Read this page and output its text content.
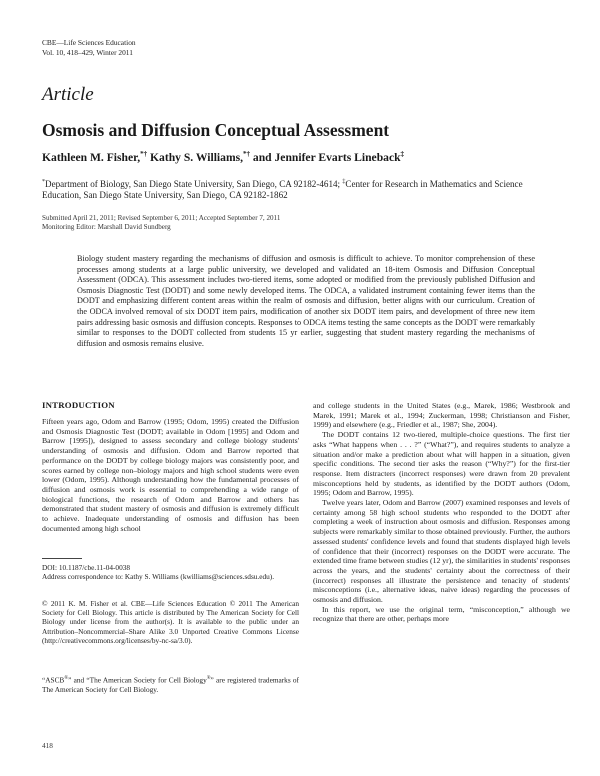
CBE—Life Sciences Education
Vol. 10, 418–429, Winter 2011
Article
Osmosis and Diffusion Conceptual Assessment
Kathleen M. Fisher,*† Kathy S. Williams,*† and Jennifer Evarts Lineback‡
*Department of Biology, San Diego State University, San Diego, CA 92182-4614; ‡Center for Research in Mathematics and Science Education, San Diego State University, San Diego, CA 92182-1862
Submitted April 21, 2011; Revised September 6, 2011; Accepted September 7, 2011
Monitoring Editor: Marshall David Sundberg
Biology student mastery regarding the mechanisms of diffusion and osmosis is difficult to achieve. To monitor comprehension of these processes among students at a large public university, we developed and validated an 18-item Osmosis and Diffusion Conceptual Assessment (ODCA). This assessment includes two-tiered items, some adopted or modified from the previously published Diffusion and Osmosis Diagnostic Test (DODT) and some newly developed items. The ODCA, a validated instrument containing fewer items than the DODT and emphasizing different content areas within the realm of osmosis and diffusion, better aligns with our curriculum. Creation of the ODCA involved removal of six DODT item pairs, modification of another six DODT item pairs, and development of three new item pairs addressing basic osmosis and diffusion concepts. Responses to ODCA items testing the same concepts as the DODT were remarkably similar to responses to the DODT collected from students 15 yr earlier, suggesting that student mastery regarding the mechanisms of diffusion and osmosis remains elusive.
INTRODUCTION

Fifteen years ago, Odom and Barrow (1995; Odom, 1995) created the Diffusion and Osmosis Diagnostic Test (DODT; available in Odom [1995] and Odom and Barrow [1995]), designed to assess secondary and college biology students' understanding of osmosis and diffusion. Odom and Barrow reported that performance on the DODT by college biology majors was consistently poor, and scores earned by college non–biology majors and high school students were even lower (Odom, 1995). Although understanding how the fundamental processes of diffusion and osmosis work is essential to comprehending a wide range of biological functions, the research of Odom and Barrow and others has demonstrated that student mastery of osmosis and diffusion is extremely difficult to achieve. Inadequate understanding of osmosis and diffusion has been documented among high school

and college students in the United States (e.g., Marek, 1986; Westbrook and Marek, 1991; Marek et al., 1994; Zuckerman, 1998; Christianson and Fisher, 1999) and elsewhere (e.g., Friedler et al., 1987; She, 2004).

The DODT contains 12 two-tiered, multiple-choice questions. The first tier asks “What happens when . . . ?” (“What?”), and requires students to analyze a situation and/or make a prediction about what will happen in a situation, given specific conditions. The second tier asks the reason (“Why?”) for the first-tier response. Item distracters (incorrect responses) were drawn from 20 prevalent misconceptions held by students, as identified by the DODT authors (Odom, 1995; Odom and Barrow, 1995).

Twelve years later, Odom and Barrow (2007) examined responses and levels of certainty among 58 high school students who responded to the DODT after completing a week of instruction about osmosis and diffusion. Responses among subjects were remarkably similar to those obtained previously. Further, the authors assessed students' confidence levels and found that students displayed high levels of confidence that their (incorrect) responses on the DODT were accurate. The extended time frame between studies (12 yr), the similarities in students' responses across the years, and the students' certainty about the correctness of their (incorrect) responses all illustrate the persistence and tenacity of students' misconceptions (i.e., alternative ideas, naive ideas) regarding the processes of osmosis and diffusion.

In this report, we use the original term, “misconception,” although we recognize that there are other, perhaps more

DOI: 10.1187/cbe.11-04-0038

Address correspondence to: Kathy S. Williams (kwilliams@sciences.sdsu.edu).

© 2011 K. M. Fisher et al. CBE—Life Sciences Education © 2011 The American Society for Cell Biology. This article is distributed by The American Society for Cell Biology under license from the author(s). It is available to the public under an Attribution–Noncommercial–Share Alike 3.0 Unported Creative Commons License (http://creativecommons.org/licenses/by-nc-sa/3.0).

“ASCB®” and “The American Society for Cell Biology®” are registered trademarks of The American Society for Cell Biology.

418
